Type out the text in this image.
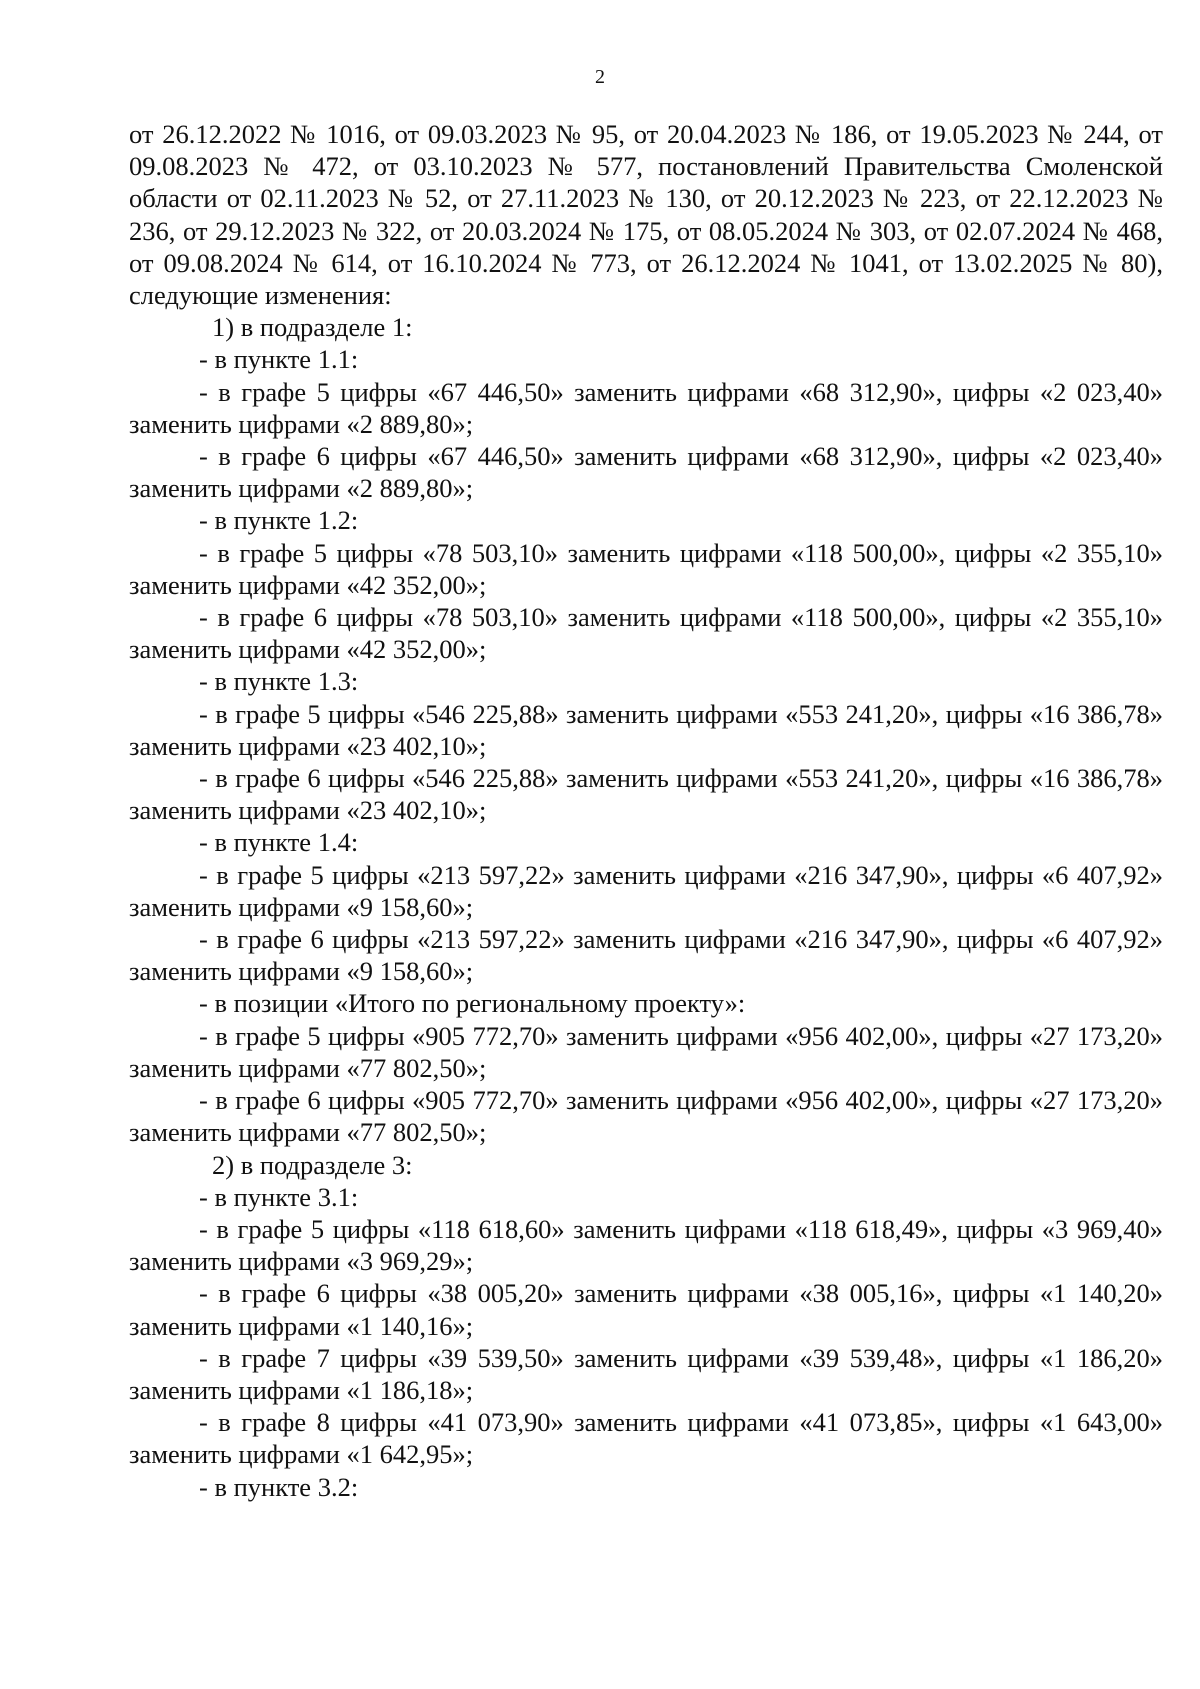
2

от 26.12.2022 № 1016, от 09.03.2023 № 95, от 20.04.2023 № 186, от 19.05.2023 № 244, от 09.08.2023 № 472, от 03.10.2023 № 577, постановлений Правительства Смоленской области от 02.11.2023 № 52, от 27.11.2023 № 130, от 20.12.2023 № 223, от 22.12.2023 № 236, от 29.12.2023 № 322, от 20.03.2024 № 175, от 08.05.2024 № 303, от 02.07.2024 № 468, от 09.08.2024 № 614, от 16.10.2024 № 773, от 26.12.2024 № 1041, от 13.02.2025 № 80), следующие изменения:

1) в подразделе 1:

- в пункте 1.1:

- в графе 5 цифры «67 446,50» заменить цифрами «68 312,90», цифры «2 023,40» заменить цифрами «2 889,80»;

- в графе 6 цифры «67 446,50» заменить цифрами «68 312,90», цифры «2 023,40» заменить цифрами «2 889,80»;

- в пункте 1.2:

- в графе 5 цифры «78 503,10» заменить цифрами «118 500,00», цифры «2 355,10» заменить цифрами «42 352,00»;

- в графе 6 цифры «78 503,10» заменить цифрами «118 500,00», цифры «2 355,10» заменить цифрами «42 352,00»;

- в пункте 1.3:

- в графе 5 цифры «546 225,88» заменить цифрами «553 241,20», цифры «16 386,78» заменить цифрами «23 402,10»;

- в графе 6 цифры «546 225,88» заменить цифрами «553 241,20», цифры «16 386,78» заменить цифрами «23 402,10»;

- в пункте 1.4:

- в графе 5 цифры «213 597,22» заменить цифрами «216 347,90», цифры «6 407,92» заменить цифрами «9 158,60»;

- в графе 6 цифры «213 597,22» заменить цифрами «216 347,90», цифры «6 407,92» заменить цифрами «9 158,60»;

- в позиции «Итого по региональному проекту»:

- в графе 5 цифры «905 772,70» заменить цифрами «956 402,00», цифры «27 173,20» заменить цифрами «77 802,50»;

- в графе 6 цифры «905 772,70» заменить цифрами «956 402,00», цифры «27 173,20» заменить цифрами «77 802,50»;

2) в подразделе 3:

- в пункте 3.1:

- в графе 5 цифры «118 618,60» заменить цифрами «118 618,49», цифры «3 969,40» заменить цифрами «3 969,29»;

- в графе 6 цифры «38 005,20» заменить цифрами «38 005,16», цифры «1 140,20» заменить цифрами «1 140,16»;

- в графе 7 цифры «39 539,50» заменить цифрами «39 539,48», цифры «1 186,20» заменить цифрами «1 186,18»;

- в графе 8 цифры «41 073,90» заменить цифрами «41 073,85», цифры «1 643,00» заменить цифрами «1 642,95»;

- в пункте 3.2:
